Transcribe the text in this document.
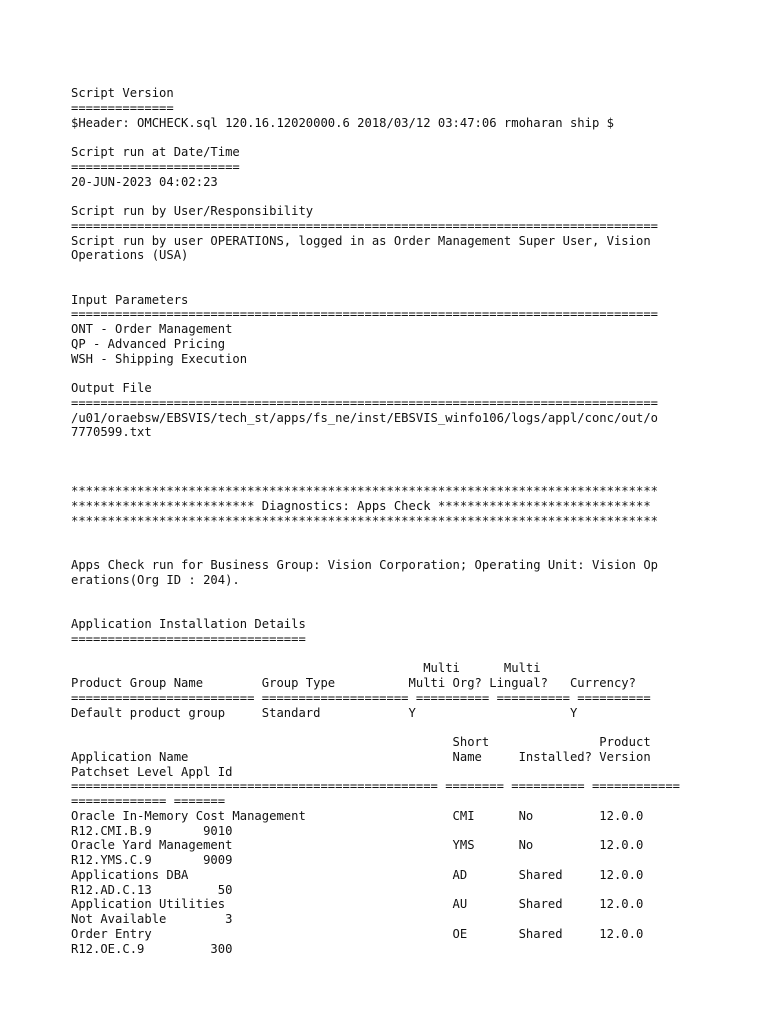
Script Version
==============
$Header: OMCHECK.sql 120.16.12020000.6 2018/03/12 03:47:06 rmoharan ship $
Script run at Date/Time
=======================
20-JUN-2023 04:02:23
Script run by User/Responsibility
================================================================================
Script run by user OPERATIONS, logged in as Order Management Super User, Vision
Operations (USA)
Input Parameters
================================================================================
ONT - Order Management
QP - Advanced Pricing
WSH - Shipping Execution
Output File
================================================================================
/u01/oraebsw/EBSVIS/tech_st/apps/fs_ne/inst/EBSVIS_winfo106/logs/appl/conc/out/o
7770599.txt
********************************************************************************
************************* Diagnostics: Apps Check *****************************
********************************************************************************
Apps Check run for Business Group: Vision Corporation; Operating Unit: Vision Op
erations(Org ID : 204).
Application Installation Details
================================
Multi      Multi
Product Group Name        Group Type          Multi Org? Lingual?   Currency?
========================= ==================== ========== ========== ==========
Default product group     Standard            Y                     Y
Short               Product
Application Name                                    Name     Installed? Version
Patchset Level Appl Id
================================================== ======== ========== ============
============= =======
Oracle In-Memory Cost Management                    CMI      No         12.0.0
R12.CMI.B.9       9010
Oracle Yard Management                              YMS      No         12.0.0
R12.YMS.C.9       9009
Applications DBA                                    AD       Shared     12.0.0
R12.AD.C.13         50
Application Utilities                               AU       Shared     12.0.0
Not Available        3
Order Entry                                         OE       Shared     12.0.0
R12.OE.C.9         300
